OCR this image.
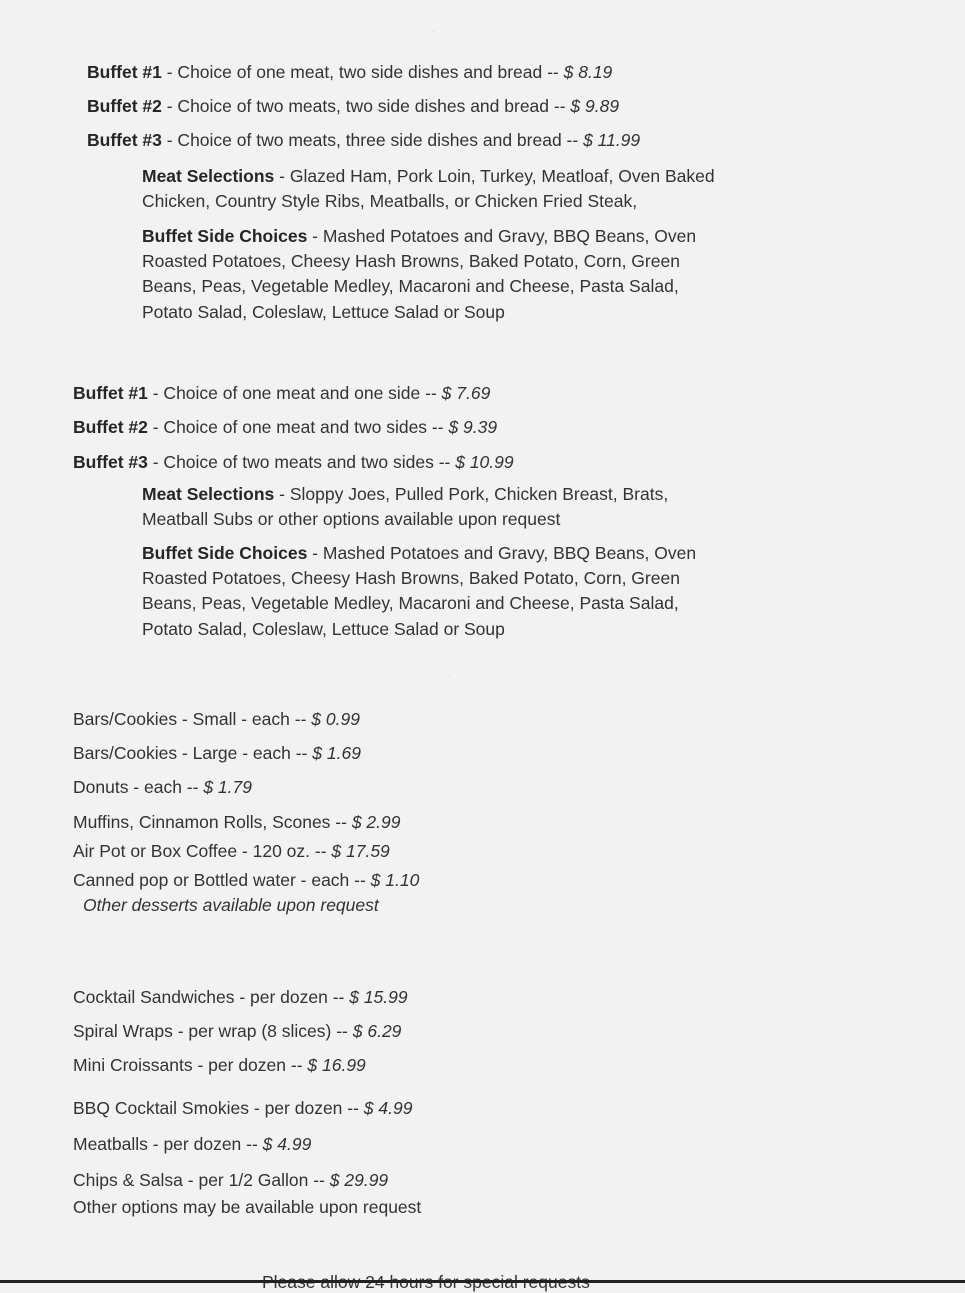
Buffet #1 - Choice of one meat, two side dishes and bread -- $ 8.19
Buffet #2 - Choice of two meats, two side dishes and bread -- $ 9.89
Buffet #3 - Choice of two meats, three side dishes and bread -- $ 11.99
Meat Selections - Glazed Ham, Pork Loin, Turkey, Meatloaf, Oven Baked Chicken, Country Style Ribs, Meatballs, or Chicken Fried Steak,
Buffet Side Choices - Mashed Potatoes and Gravy, BBQ Beans, Oven Roasted Potatoes, Cheesy Hash Browns, Baked Potato, Corn, Green Beans, Peas, Vegetable Medley, Macaroni and Cheese, Pasta Salad, Potato Salad, Coleslaw, Lettuce Salad or Soup
Buffet #1 - Choice of one meat and one side -- $ 7.69
Buffet #2 - Choice of one meat and two sides -- $ 9.39
Buffet #3 - Choice of two meats and two sides -- $ 10.99
Meat Selections - Sloppy Joes, Pulled Pork, Chicken Breast, Brats, Meatball Subs or other options available upon request
Buffet Side Choices - Mashed Potatoes and Gravy, BBQ Beans, Oven Roasted Potatoes, Cheesy Hash Browns, Baked Potato, Corn, Green Beans, Peas, Vegetable Medley, Macaroni and Cheese, Pasta Salad, Potato Salad, Coleslaw, Lettuce Salad or Soup
Bars/Cookies - Small - each -- $ 0.99
Bars/Cookies - Large - each -- $ 1.69
Donuts - each -- $ 1.79
Muffins, Cinnamon Rolls, Scones -- $ 2.99
Air Pot or Box Coffee - 120 oz. -- $ 17.59
Canned pop or Bottled water - each -- $ 1.10
Other desserts available upon request
Cocktail Sandwiches - per dozen -- $ 15.99
Spiral Wraps - per wrap (8 slices) -- $ 6.29
Mini Croissants - per dozen -- $ 16.99
BBQ Cocktail Smokies - per dozen -- $ 4.99
Meatballs - per dozen -- $ 4.99
Chips & Salsa - per 1/2 Gallon -- $ 29.99
Other options may be available upon request
